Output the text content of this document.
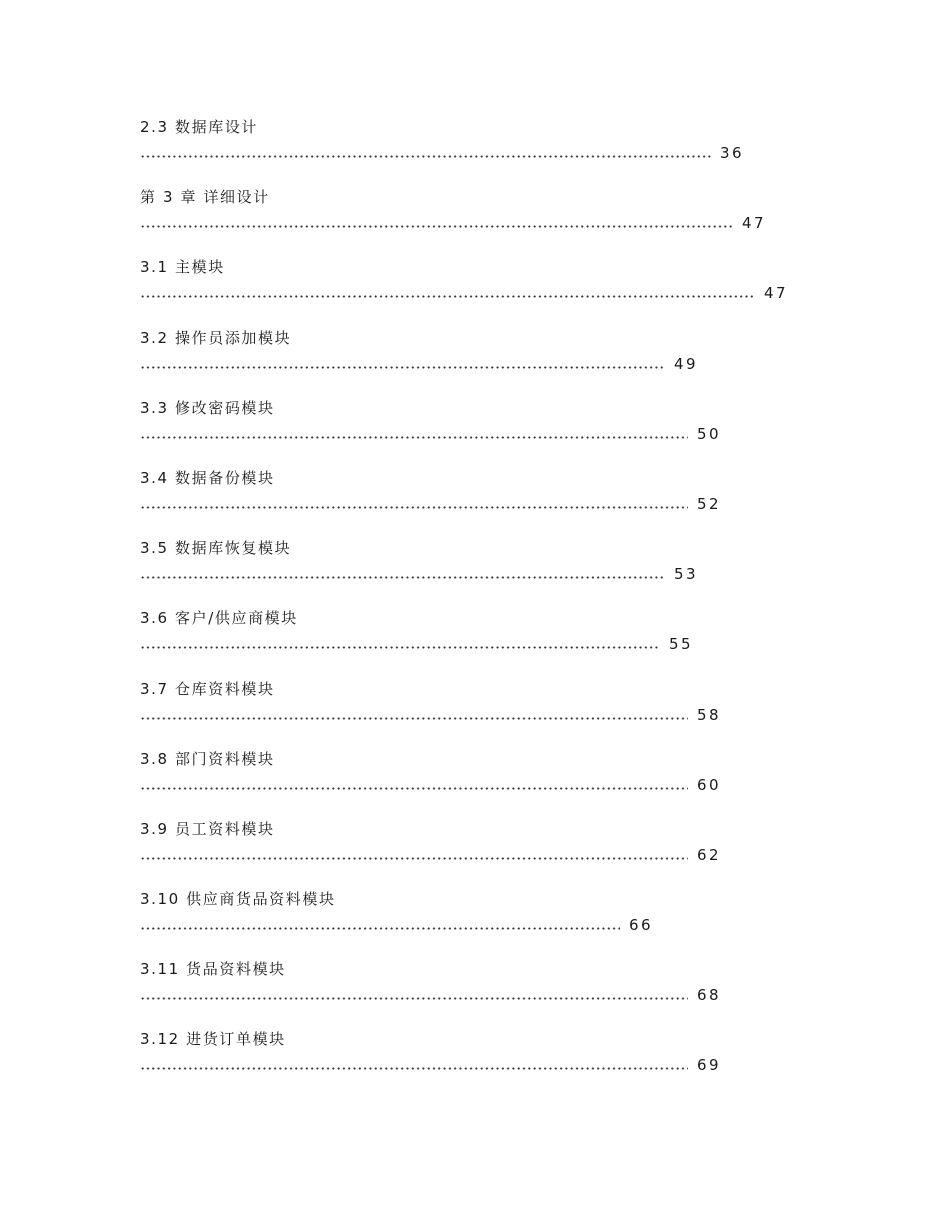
2.3 数据库设计
36
第 3 章 详细设计
47
3.1 主模块
47
3.2 操作员添加模块
49
3.3 修改密码模块
50
3.4 数据备份模块
52
3.5 数据库恢复模块
53
3.6 客户/供应商模块
55
3.7 仓库资料模块
58
3.8 部门资料模块
60
3.9 员工资料模块
62
3.10 供应商货品资料模块
66
3.11 货品资料模块
68
3.12 进货订单模块
69
